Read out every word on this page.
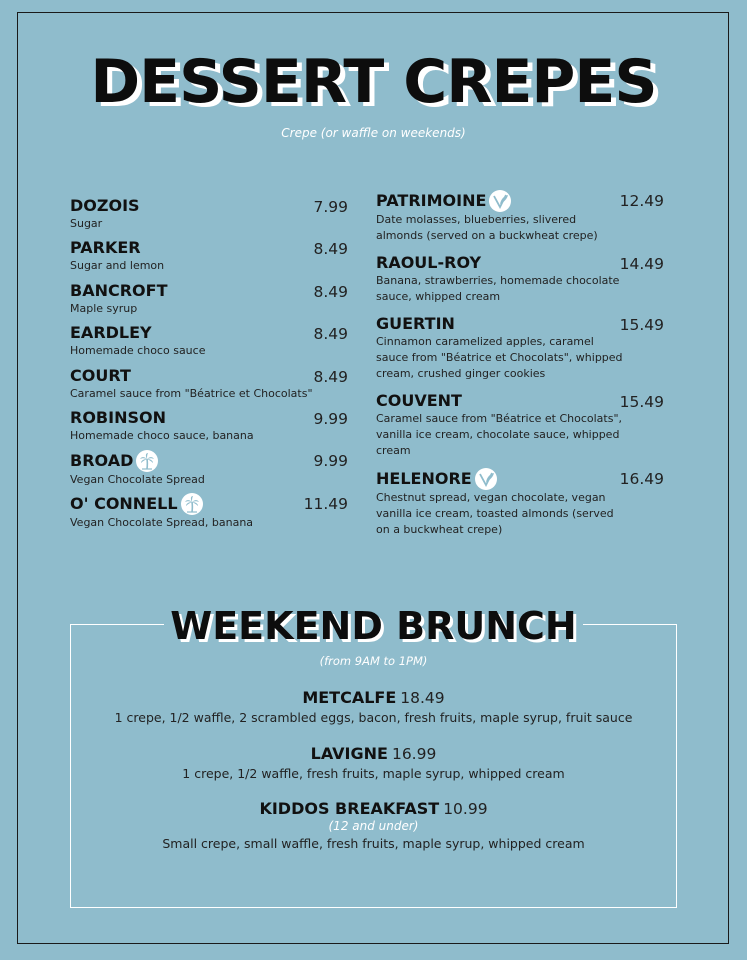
DESSERT CREPES
Crepe (or waffle on weekends)
DOZOIS	7.99
Sugar
PARKER	8.49
Sugar and lemon
BANCROFT	8.49
Maple syrup
EARDLEY	8.49
Homemade choco sauce
COURT	8.49
Caramel sauce from "Béatrice et Chocolats"
ROBINSON	9.99
Homemade choco sauce, banana
BROAD	9.99
Vegan Chocolate Spread
O' CONNELL	11.49
Vegan Chocolate Spread, banana
PATRIMOINE	12.49
Date molasses, blueberries, slivered almonds (served on a buckwheat crepe)
RAOUL-ROY	14.49
Banana, strawberries, homemade chocolate sauce, whipped cream
GUERTIN	15.49
Cinnamon caramelized apples, caramel sauce from "Béatrice et Chocolats", whipped cream, crushed ginger cookies
COUVENT	15.49
Caramel sauce from "Béatrice et Chocolats", vanilla ice cream, chocolate sauce, whipped cream
HELENORE	16.49
Chestnut spread, vegan chocolate, vegan vanilla ice cream, toasted almonds (served on a buckwheat crepe)
WEEKEND BRUNCH
(from 9AM to 1PM)
METCALFE 18.49
1 crepe, 1/2 waffle, 2 scrambled eggs, bacon, fresh fruits, maple syrup, fruit sauce
LAVIGNE 16.99
1 crepe, 1/2 waffle, fresh fruits, maple syrup, whipped cream
KIDDOS BREAKFAST 10.99
(12 and under)
Small crepe, small waffle, fresh fruits, maple syrup, whipped cream
